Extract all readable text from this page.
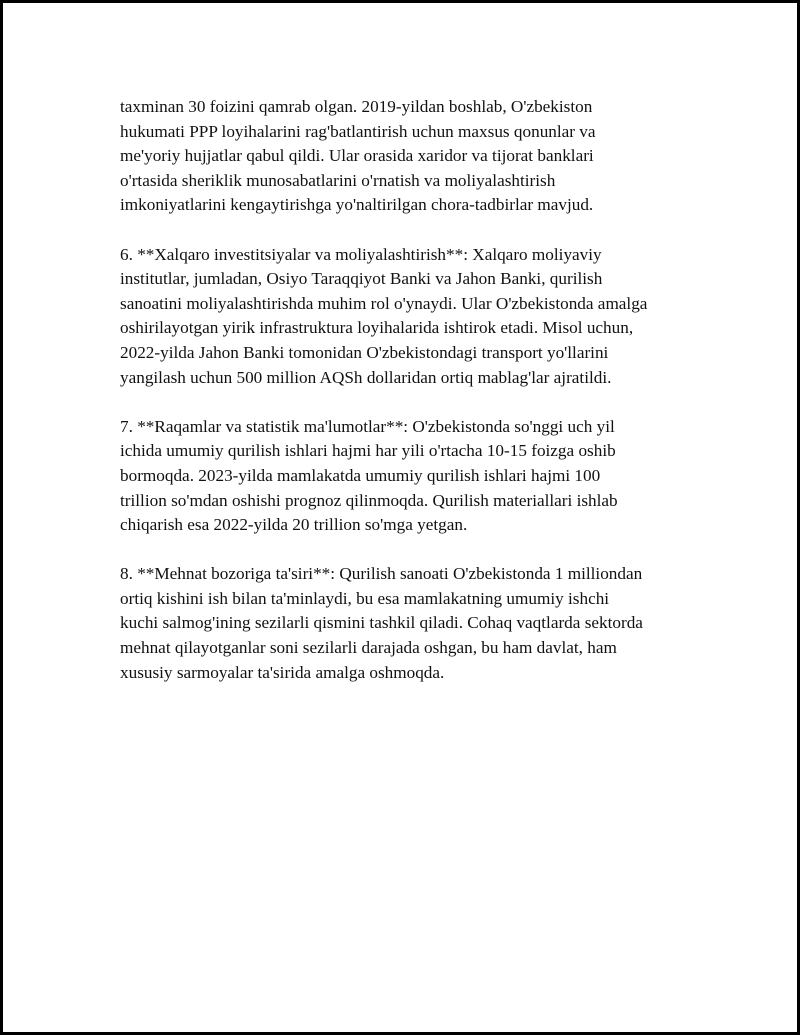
taxminan 30 foizini qamrab olgan. 2019-yildan boshlab, O'zbekiston
hukumati PPP loyihalarini rag'batlantirish uchun maxsus qonunlar va
me'yoriy hujjatlar qabul qildi. Ular orasida xaridor va tijorat banklari
o'rtasida sheriklik munosabatlarini o'rnatish va moliyalashtirish
imkoniyatlarini kengaytirishga yo'naltirilgan chora-tadbirlar mavjud.

6. **Xalqaro investitsiyalar va moliyalashtirish**: Xalqaro moliyaviy
institutlar, jumladan, Osiyo Taraqqiyot Banki va Jahon Banki, qurilish
sanoatini moliyalashtirishda muhim rol o'ynaydi. Ular O'zbekistonda amalga
oshirilayotgan yirik infrastruktura loyihalarida ishtirok etadi. Misol uchun,
2022-yilda Jahon Banki tomonidan O'zbekistondagi transport yo'llarini
yangilash uchun 500 million AQSh dollaridan ortiq mablag'lar ajratildi.

7. **Raqamlar va statistik ma'lumotlar**: O'zbekistonda so'nggi uch yil
ichida umumiy qurilish ishlari hajmi har yili o'rtacha 10-15 foizga oshib
bormoqda. 2023-yilda mamlakatda umumiy qurilish ishlari hajmi 100
trillion so'mdan oshishi prognoz qilinmoqda. Qurilish materiallari ishlab
chiqarish esa 2022-yilda 20 trillion so'mga yetgan.

8. **Mehnat bozoriga ta'siri**: Qurilish sanoati O'zbekistonda 1 milliondan
ortiq kishini ish bilan ta'minlaydi, bu esa mamlakatning umumiy ishchi
kuchi salmog'ining sezilarli qismini tashkil qiladi. Cohaq vaqtlarda sektorda
mehnat qilayotganlar soni sezilarli darajada oshgan, bu ham davlat, ham
xususiy sarmoyalar ta'sirida amalga oshmoqda.
